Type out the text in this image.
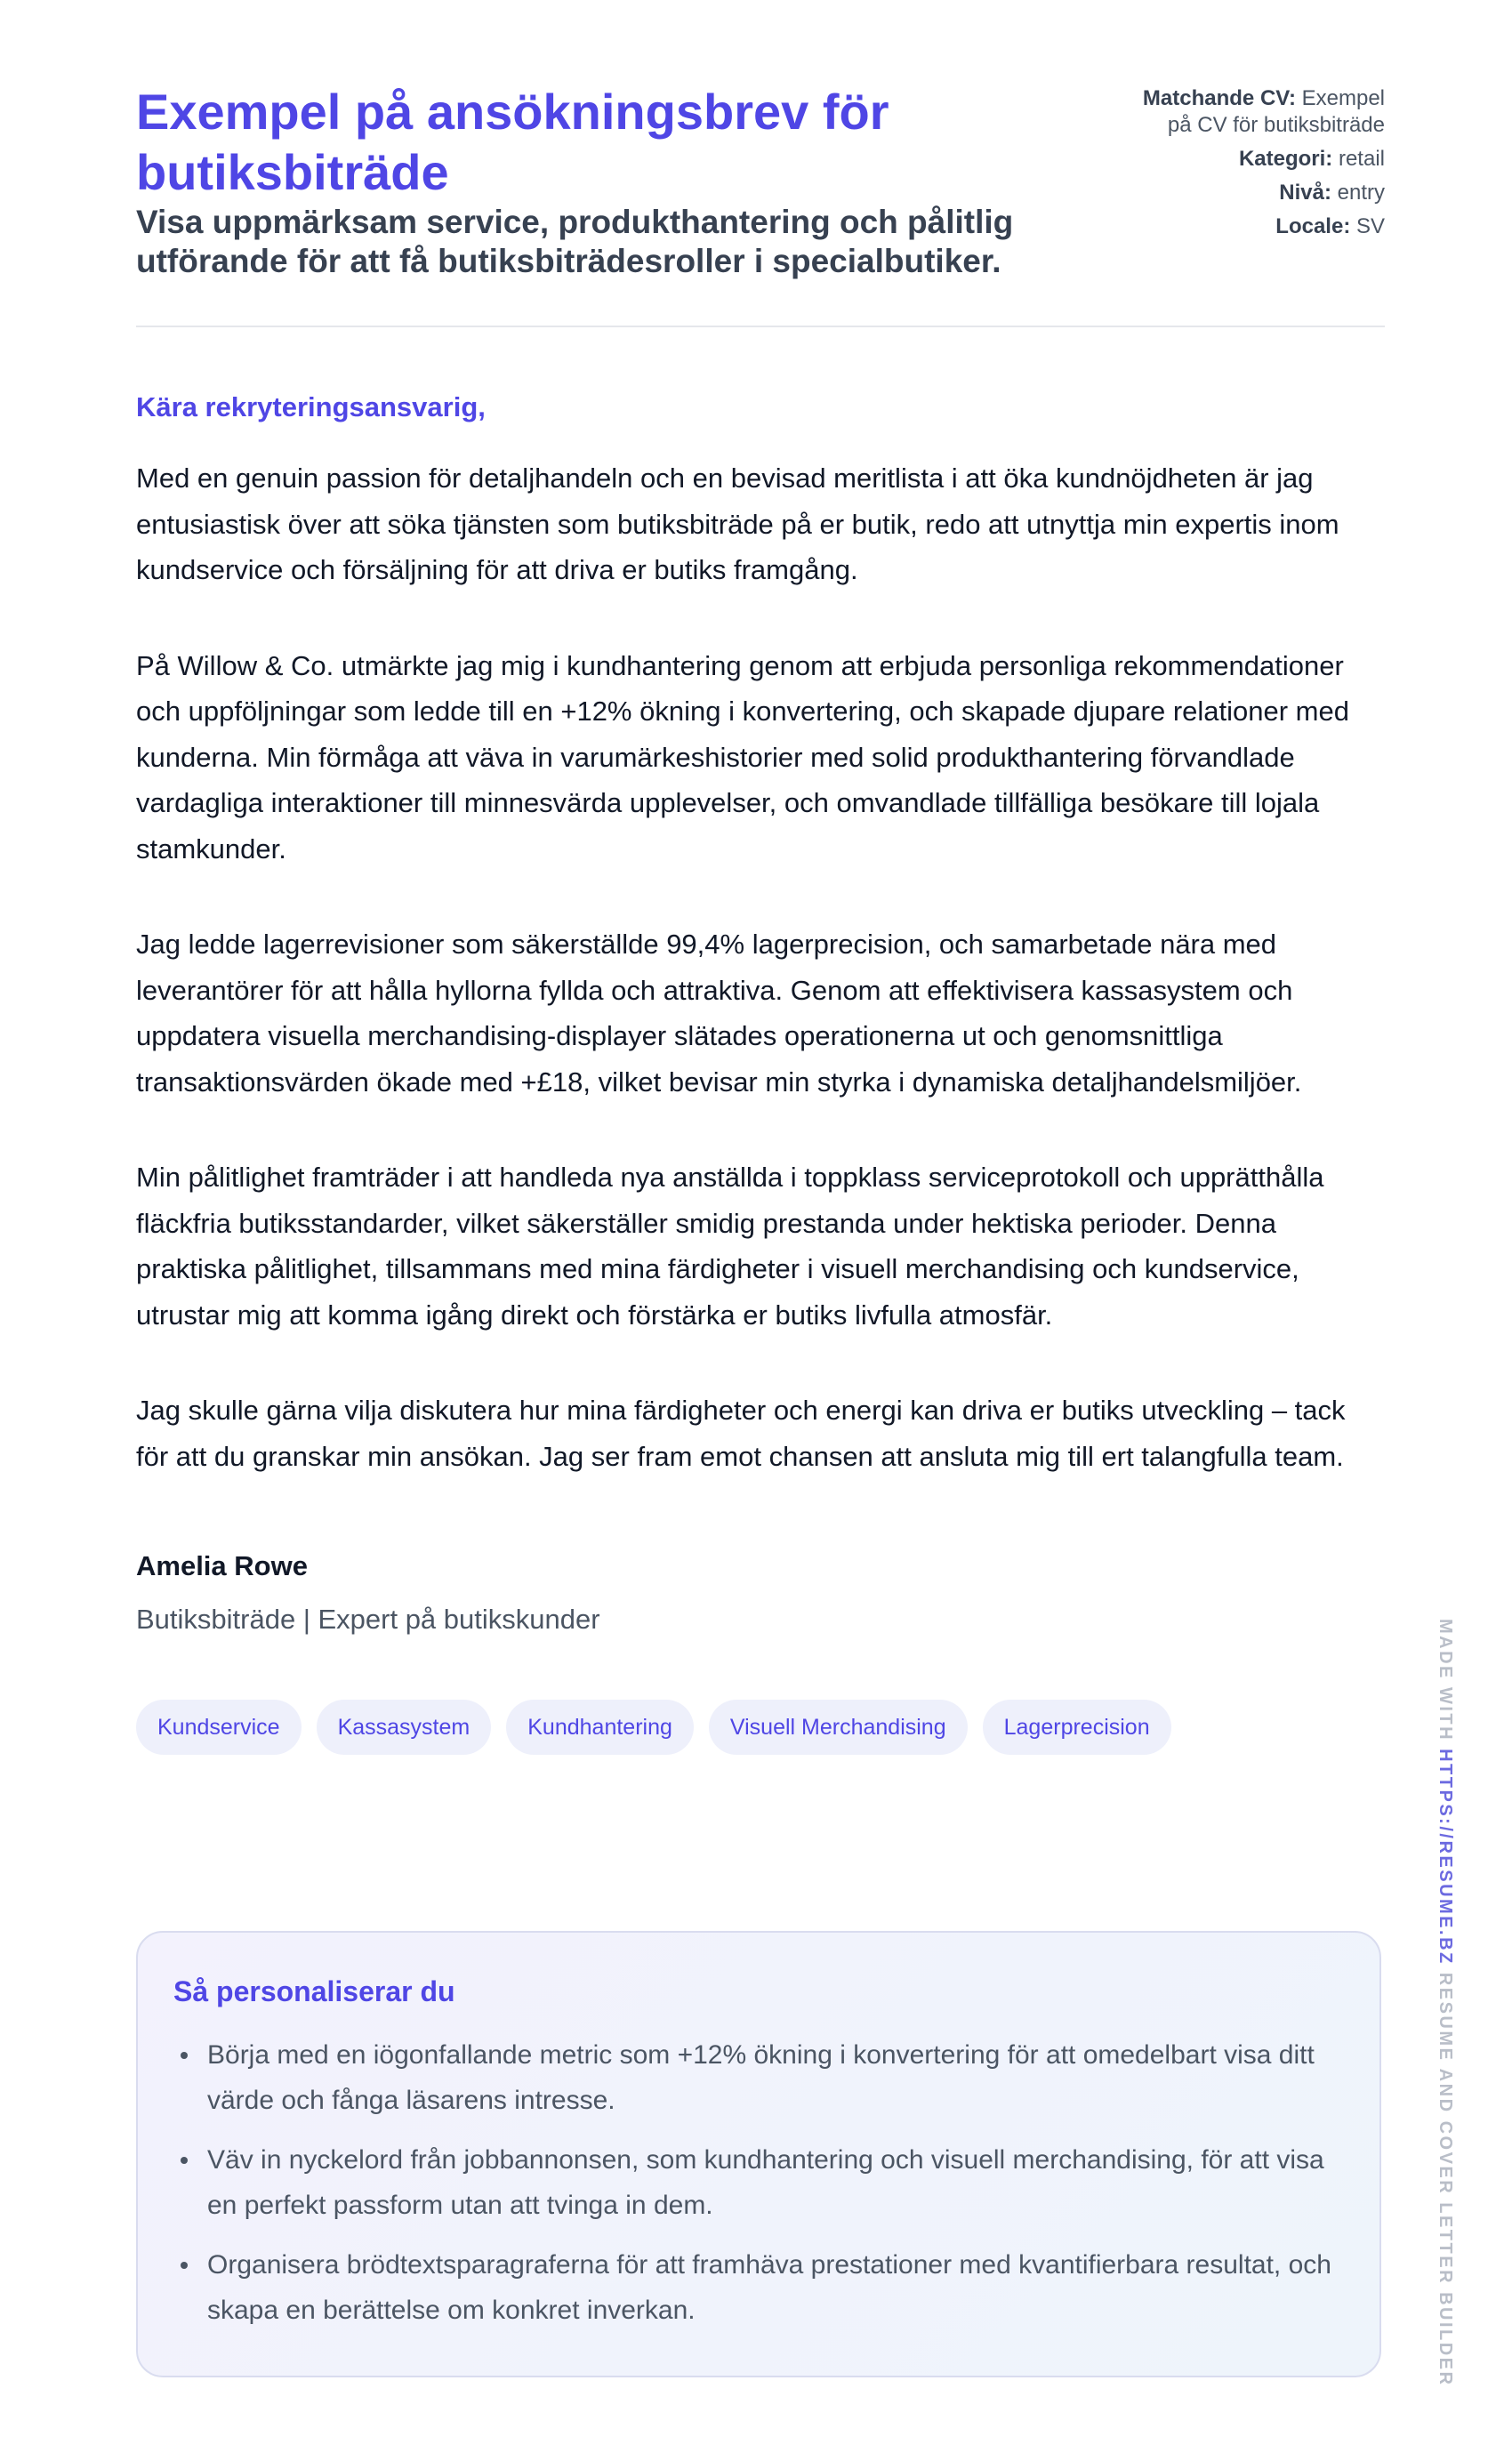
Exempel på ansökningsbrev för butiksbiträde

Visa uppmärksam service, produkthantering och pålitlig utförande för att få butiksbiträdesroller i specialbutiker.

Matchande CV: Exempel på CV för butiksbiträde
Kategori: retail
Nivå: entry
Locale: SV

Kära rekryteringsansvarig,

Med en genuin passion för detaljhandeln och en bevisad meritlista i att öka kundnöjdheten är jag entusiastisk över att söka tjänsten som butiksbiträde på er butik, redo att utnyttja min expertis inom kundservice och försäljning för att driva er butiks framgång.

På Willow & Co. utmärkte jag mig i kundhantering genom att erbjuda personliga rekommendationer och uppföljningar som ledde till en +12% ökning i konvertering, och skapade djupare relationer med kunderna. Min förmåga att väva in varumärkeshistorier med solid produkthantering förvandlade vardagliga interaktioner till minnesvärda upplevelser, och omvandlade tillfälliga besökare till lojala stamkunder.

Jag ledde lagerrevisioner som säkerställde 99,4% lagerprecision, och samarbetade nära med leverantörer för att hålla hyllorna fyllda och attraktiva. Genom att effektivisera kassasystem och uppdatera visuella merchandising-displayer slätades operationerna ut och genomsnittliga transaktionsvärden ökade med +£18, vilket bevisar min styrka i dynamiska detaljhandelsmiljöer.

Min pålitlighet framträder i att handleda nya anställda i toppklass serviceprotokoll och upprätthålla fläckfria butiksstandarder, vilket säkerställer smidig prestanda under hektiska perioder. Denna praktiska pålitlighet, tillsammans med mina färdigheter i visuell merchandising och kundservice, utrustar mig att komma igång direkt och förstärka er butiks livfulla atmosfär.

Jag skulle gärna vilja diskutera hur mina färdigheter och energi kan driva er butiks utveckling – tack för att du granskar min ansökan. Jag ser fram emot chansen att ansluta mig till ert talangfulla team.

Amelia Rowe

Butiksbiträde | Expert på butikskunder

Kundservice	Kassasystem	Kundhantering	Visuell Merchandising	Lagerprecision

Så personaliserar du

Börja med en iögonfallande metric som +12% ökning i konvertering för att omedelbart visa ditt värde och fånga läsarens intresse.
Väv in nyckelord från jobbannonsen, som kundhantering och visuell merchandising, för att visa en perfekt passform utan att tvinga in dem.
Organisera brödtextsparagraferna för att framhäva prestationer med kvantifierbara resultat, och skapa en berättelse om konkret inverkan.
MADE WITH HTTPS://RESUME.BZ RESUME AND COVER LETTER BUILDER
